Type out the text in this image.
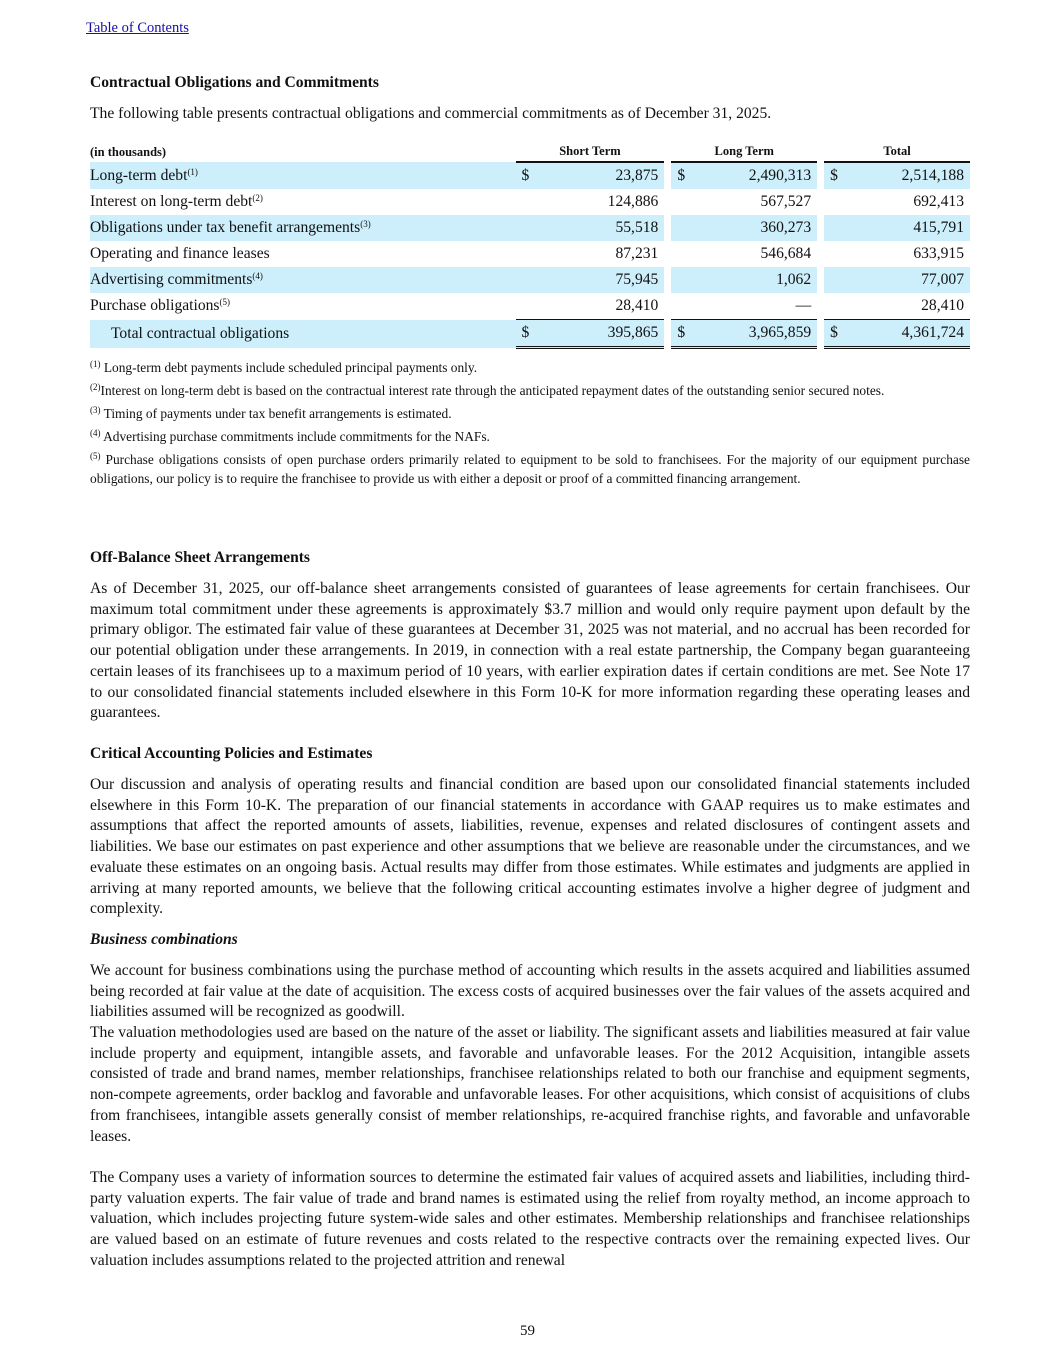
Table of Contents
Contractual Obligations and Commitments

The following table presents contractual obligations and commercial commitments as of December 31, 2025.

(in thousands)	Short Term			Long Term			Total	
Long-term debt$^{(1)}$	$	23,875		$	2,490,313		$	2,514,188
Interest on long-term debt$^{(2)}$		124,886			567,527			692,413
Obligations under tax benefit arrangements$^{(3)}$		55,518			360,273			415,791
Operating and finance leases		87,231			546,684			633,915
Advertising commitments$^{(4)}$		75,945			1,062			77,007
Purchase obligations$^{(5)}$		28,410			—			28,410
Total contractual obligations	$	395,865		$	3,965,859		$	4,361,724

$^{(1)}$ Long-term debt payments include scheduled principal payments only.

$^{(2)}$Interest on long-term debt is based on the contractual interest rate through the anticipated repayment dates of the outstanding senior secured notes.

$^{(3)}$ Timing of payments under tax benefit arrangements is estimated.

$^{(4)}$ Advertising purchase commitments include commitments for the NAFs.

$^{(5)}$ Purchase obligations consists of open purchase orders primarily related to equipment to be sold to franchisees. For the majority of our equipment purchase obligations, our policy is to require the franchisee to provide us with either a deposit or proof of a committed financing arrangement.

Off-Balance Sheet Arrangements

As of December 31, 2025, our off-balance sheet arrangements consisted of guarantees of lease agreements for certain franchisees. Our maximum total commitment under these agreements is approximately $3.7 million and would only require payment upon default by the primary obligor. The estimated fair value of these guarantees at December 31, 2025 was not material, and no accrual has been recorded for our potential obligation under these arrangements. In 2019, in connection with a real estate partnership, the Company began guaranteeing certain leases of its franchisees up to a maximum period of 10 years, with earlier expiration dates if certain conditions are met. See Note 17 to our consolidated financial statements included elsewhere in this Form 10-K for more information regarding these operating leases and guarantees.

Critical Accounting Policies and Estimates

Our discussion and analysis of operating results and financial condition are based upon our consolidated financial statements included elsewhere in this Form 10-K. The preparation of our financial statements in accordance with GAAP requires us to make estimates and assumptions that affect the reported amounts of assets, liabilities, revenue, expenses and related disclosures of contingent assets and liabilities. We base our estimates on past experience and other assumptions that we believe are reasonable under the circumstances, and we evaluate these estimates on an ongoing basis. Actual results may differ from those estimates. While estimates and judgments are applied in arriving at many reported amounts, we believe that the following critical accounting estimates involve a higher degree of judgment and complexity.

Business combinations

We account for business combinations using the purchase method of accounting which results in the assets acquired and liabilities assumed being recorded at fair value at the date of acquisition. The excess costs of acquired businesses over the fair values of the assets acquired and liabilities assumed will be recognized as goodwill.

The valuation methodologies used are based on the nature of the asset or liability. The significant assets and liabilities measured at fair value include property and equipment, intangible assets, and favorable and unfavorable leases. For the 2012 Acquisition, intangible assets consisted of trade and brand names, member relationships, franchisee relationships related to both our franchise and equipment segments, non-compete agreements, order backlog and favorable and unfavorable leases. For other acquisitions, which consist of acquisitions of clubs from franchisees, intangible assets generally consist of member relationships, re-acquired franchise rights, and favorable and unfavorable leases.

The Company uses a variety of information sources to determine the estimated fair values of acquired assets and liabilities, including third-party valuation experts. The fair value of trade and brand names is estimated using the relief from royalty method, an income approach to valuation, which includes projecting future system-wide sales and other estimates. Membership relationships and franchisee relationships are valued based on an estimate of future revenues and costs related to the respective contracts over the remaining expected lives. Our valuation includes assumptions related to the projected attrition and renewal

59
